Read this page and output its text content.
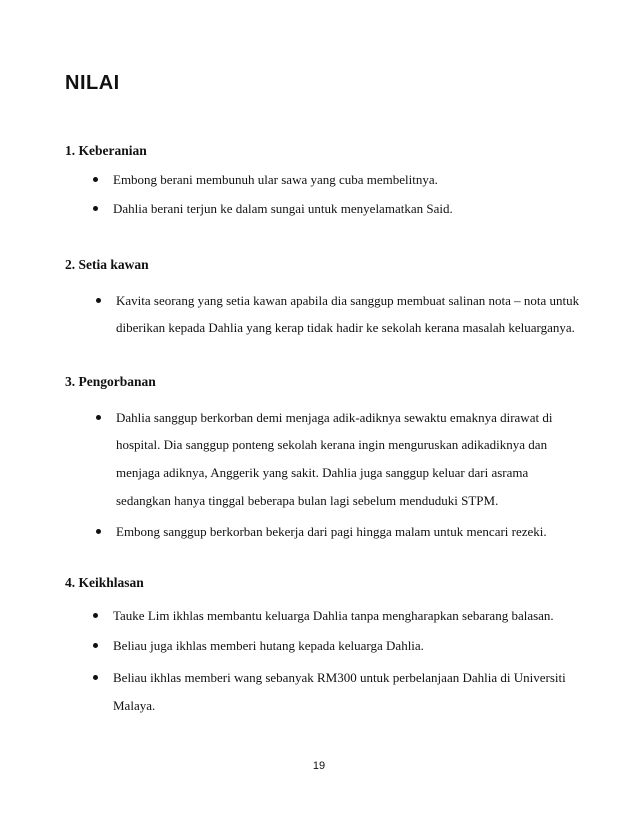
NILAI
1. Keberanian

Embong berani membunuh ular sawa yang cuba membelitnya.

Dahlia berani terjun ke dalam sungai untuk menyelamatkan Said.

2. Setia kawan

Kavita seorang yang setia kawan apabila dia sanggup membuat salinan nota – nota untuk

diberikan kepada Dahlia yang kerap tidak hadir ke sekolah kerana masalah keluarganya.

3. Pengorbanan

Dahlia sanggup berkorban demi menjaga adik-adiknya sewaktu emaknya dirawat di

hospital. Dia sanggup ponteng sekolah kerana ingin menguruskan adikadiknya dan

menjaga adiknya, Anggerik yang sakit. Dahlia juga sanggup keluar dari asrama

sedangkan hanya tinggal beberapa bulan lagi sebelum menduduki STPM.

Embong sanggup berkorban bekerja dari pagi hingga malam untuk mencari rezeki.

4. Keikhlasan

Tauke Lim ikhlas membantu keluarga Dahlia tanpa mengharapkan sebarang balasan.

Beliau juga ikhlas memberi hutang kepada keluarga Dahlia.

Beliau ikhlas memberi wang sebanyak RM300 untuk perbelanjaan Dahlia di Universiti

Malaya.

19
